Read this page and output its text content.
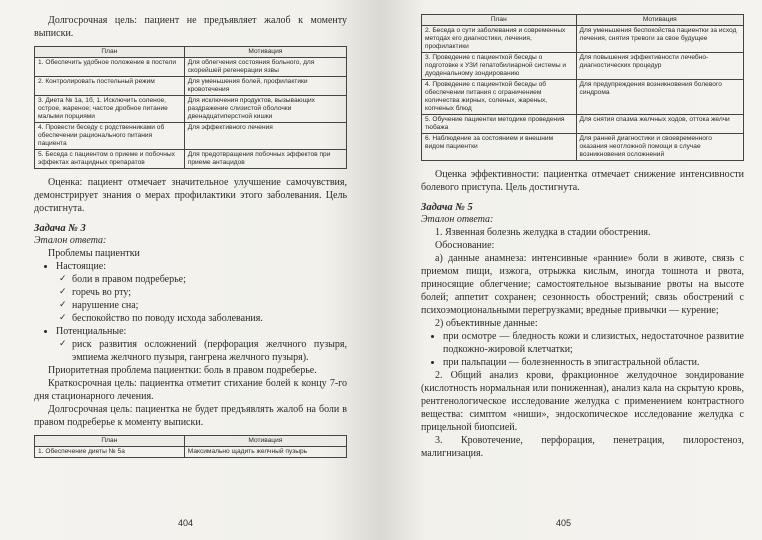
Долгосрочная цель: пациент не предъявляет жалоб к моменту выписки.

План	Мотивация
1. Обеспечить удобное положение в постели	Для облегчения состояния больного, для скорейшей регенерации язвы
2. Контролировать постельный режим	Для уменьшения болей, профилактики кровотечения
3. Диета № 1а, 1б, 1. Исключить соленое, острое, жареное; частое дробное питание малыми порциями	Для исключения продуктов, вызывающих раздражение слизистой оболочки двенадцатиперстной кишки
4. Провести беседу с родственниками об обеспечении рационального питания пациента	Для эффективного лечения
5. Беседа с пациентом о приеме и побочных эффектах антацидных препаратов	Для предотвращения побочных эффектов при приеме антацидов

Оценка: пациент отмечает значительное улучшение самочувствия, демонстрирует знания о мерах профилактики этого заболевания. Цель достигнута.

Задача № 3
Эталон ответа:

Проблемы пациентки

• Настоящие:
✓ боли в правом подреберье;
✓ горечь во рту;
✓ нарушение сна;
✓ беспокойство по поводу исхода заболевания.
• Потенциальные:
✓ риск развития осложнений (перфорация желчного пузыря, эмпиема желчного пузыря, гангрена желчного пузыря).

Приоритетная проблема пациентки: боль в правом подреберье.

Краткосрочная цель: пациентка отметит стихание болей к концу 7-го дня стационарного лечения.

Долгосрочная цель: пациентка не будет предъявлять жалоб на боли в правом подреберье к моменту выписки.

План	Мотивация
1. Обеспечение диеты № 5а	Максимально щадить желчный пузырь
404
План	Мотивация
2. Беседа о сути заболевания и современных методах его диагностики, лечения, профилактики	Для уменьшения беспокойства пациентки за исход лечения, снятия тревоги за свое будущее
3. Проведение с пациенткой беседы о подготовке к УЗИ гепатобилиарной системы и дуоденальному зондированию	Для повышения эффективности лечебно-диагностических процедур
4. Проведение с пациенткой беседы об обеспечении питания с ограничением количества жирных, соленых, жареных, копченых блюд	Для предупреждения возникновения болевого синдрома
5. Обучение пациентки методике проведения тюбажа	Для снятия спазма желчных ходов, оттока желчи
6. Наблюдение за состоянием и внешним видом пациентки	Для ранней диагностики и своевременного оказания неотложной помощи в случае возникновения осложнений

Оценка эффективности: пациентка отмечает снижение интенсивности болевого приступа. Цель достигнута.

Задача № 5
Эталон ответа:

1. Язвенная болезнь желудка в стадии обострения.

Обоснование:

а) данные анамнеза: интенсивные «ранние» боли в животе, связь с приемом пищи, изжога, отрыжка кислым, иногда тошнота и рвота, приносящие облегчение; самостоятельное вызывание рвоты на высоте болей; аппетит сохранен; сезонность обострений; связь обострений с психоэмоциональными перегрузками; вредные привычки — курение;

2) объективные данные:

• при осмотре — бледность кожи и слизистых, недостаточное развитие подкожно-жировой клетчатки;
• при пальпации — болезненность в эпигастральной области.

2. Общий анализ крови, фракционное желудочное зондирование (кислотность нормальная или пониженная), анализ кала на скрытую кровь, рентгенологическое исследование желудка с применением контрастного вещества: симптом «ниши», эндоскопическое исследование желудка с прицельной биопсией.

3. Кровотечение, перфорация, пенетрация, пилоростеноз, малигнизация.

405
